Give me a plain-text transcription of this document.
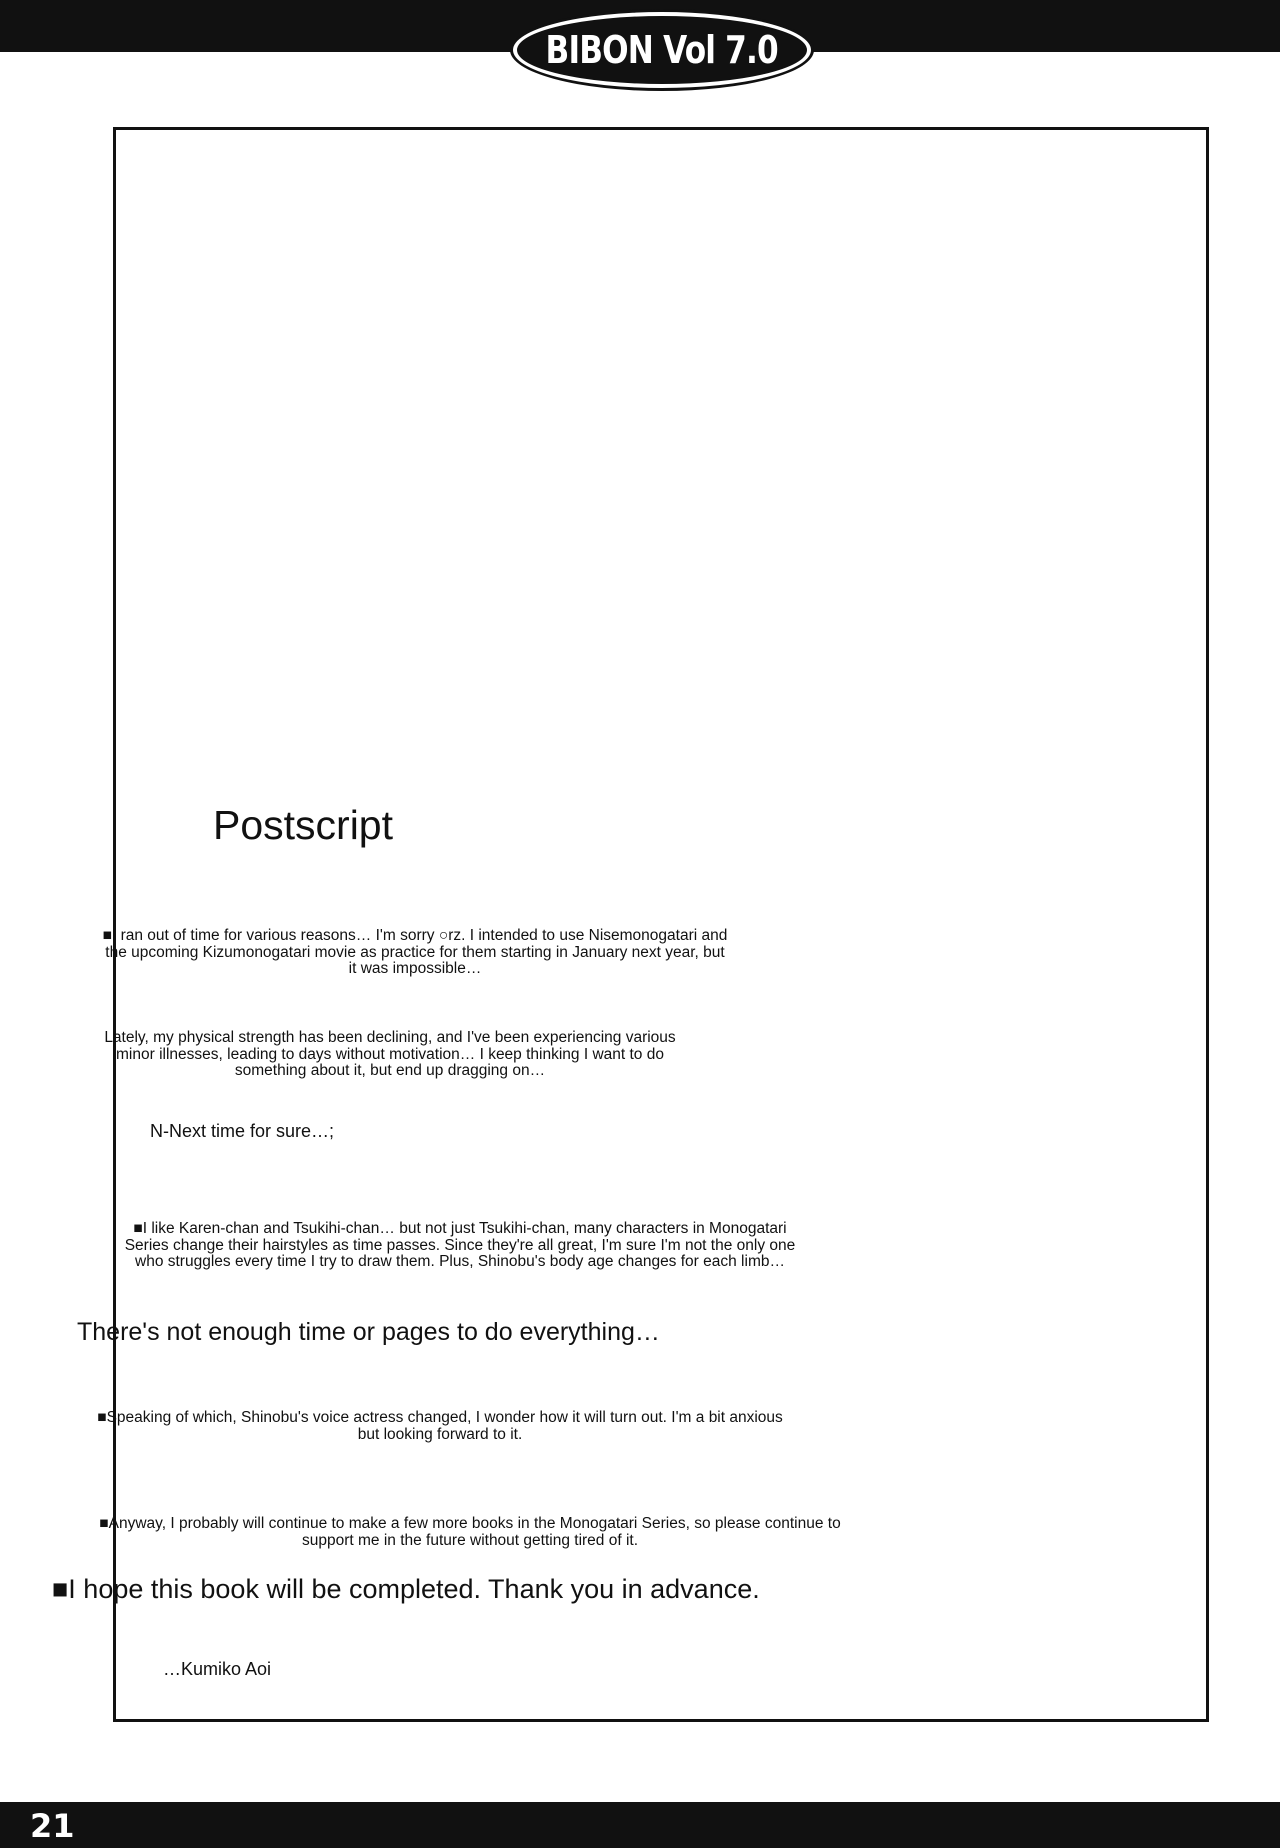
BIBON Vol 7.0
Postscript
■I ran out of time for various reasons… I'm sorry ○rz. I intended to use Nisemonogatari and
the upcoming Kizumonogatari movie as practice for them starting in January next year, but
it was impossible…
Lately, my physical strength has been declining, and I've been experiencing various
minor illnesses, leading to days without motivation… I keep thinking I want to do
something about it, but end up dragging on…
N-Next time for sure…;
■I like Karen-chan and Tsukihi-chan… but not just Tsukihi-chan, many characters in Monogatari
Series change their hairstyles as time passes. Since they're all great, I'm sure I'm not the only one
who struggles every time I try to draw them. Plus, Shinobu's body age changes for each limb…
There's not enough time or pages to do everything…
■Speaking of which, Shinobu's voice actress changed, I wonder how it will turn out. I'm a bit anxious
but looking forward to it.
■Anyway, I probably will continue to make a few more books in the Monogatari Series, so please continue to
support me in the future without getting tired of it.
■I hope this book will be completed. Thank you in advance.
…Kumiko Aoi
21
